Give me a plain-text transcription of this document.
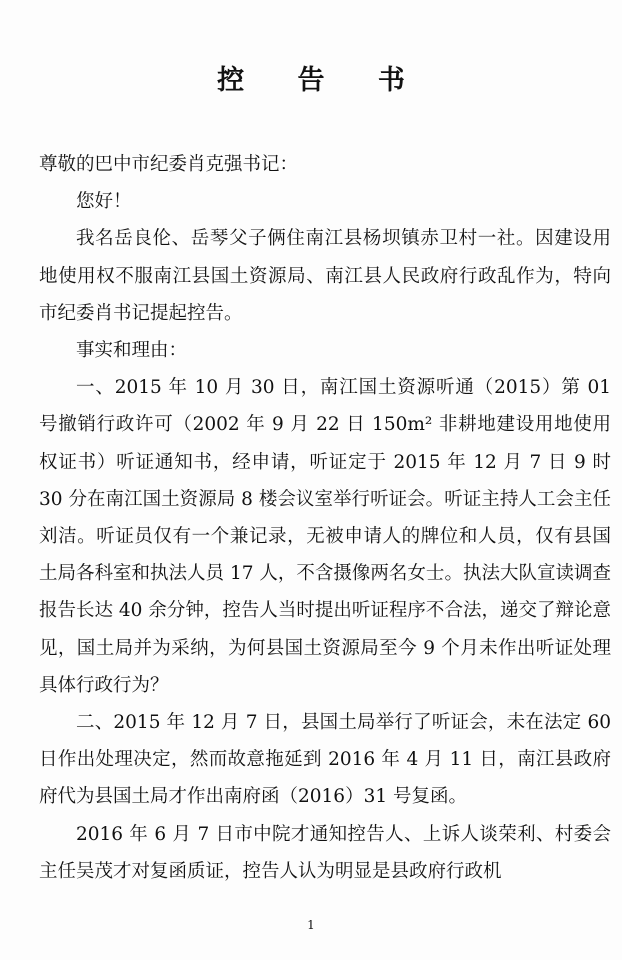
控 告 书

尊敬的巴中市纪委肖克强书记：

您好！

我名岳良伦、岳琴父子俩住南江县杨坝镇赤卫村一社。因建设用地使用权不服南江县国土资源局、南江县人民政府行政乱作为，特向市纪委肖书记提起控告。

事实和理由：

一、2015 年 10 月 30 日，南江国土资源听通（2015）第 01 号撤销行政许可（2002 年 9 月 22 日 150m² 非耕地建设用地使用权证书）听证通知书，经申请，听证定于 2015 年 12 月 7 日 9 时 30 分在南江国土资源局 8 楼会议室举行听证会。听证主持人工会主任刘洁。听证员仅有一个兼记录，无被申请人的牌位和人员，仅有县国土局各科室和执法人员 17 人，不含摄像两名女士。执法大队宣读调查报告长达 40 余分钟，控告人当时提出听证程序不合法，递交了辩论意见，国土局并为采纳，为何县国土资源局至今 9 个月未作出听证处理具体行政行为？

二、2015 年 12 月 7 日，县国土局举行了听证会，未在法定 60 日作出处理决定，然而故意拖延到 2016 年 4 月 11 日，南江县政府府代为县国土局才作出南府函（2016）31 号复函。

2016 年 6 月 7 日市中院才通知控告人、上诉人谈荣利、村委会主任吴茂才对复函质证，控告人认为明显是县政府行政机

1
